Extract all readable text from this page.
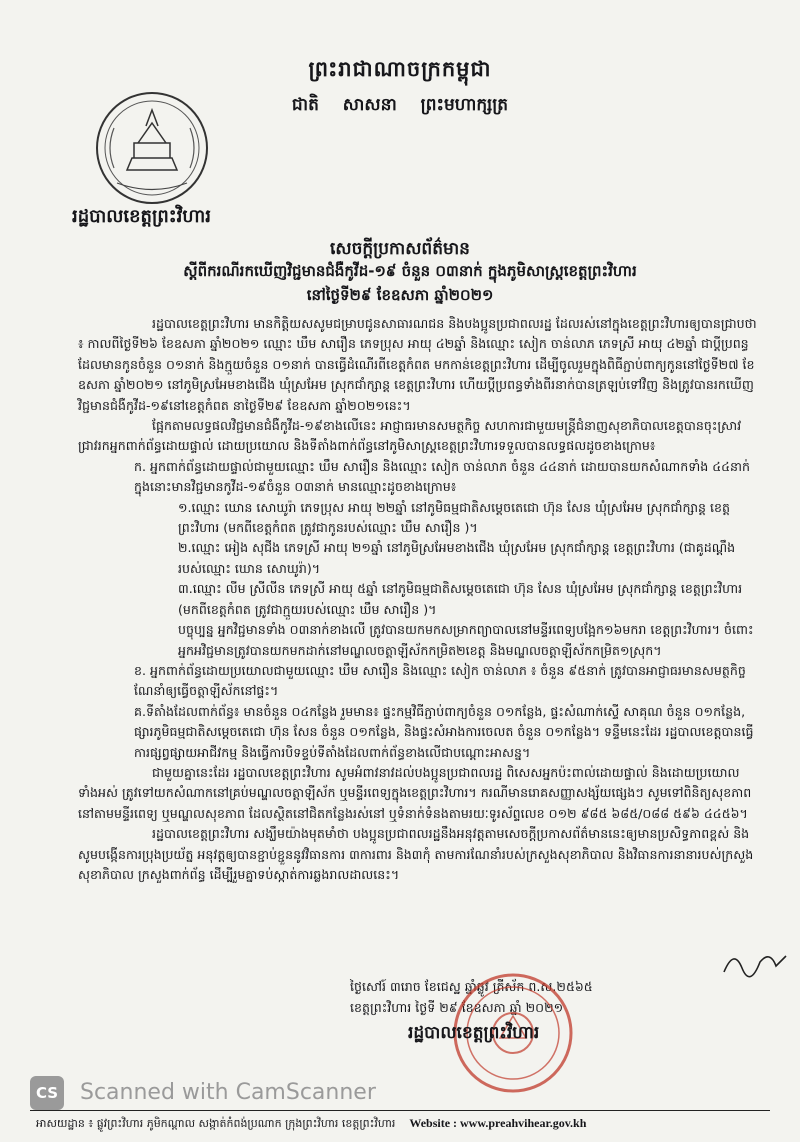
ព្រះរាជាណាចក្រកម្ពុជា
ជាតិ សាសនា ព្រះមហាក្សត្រ
រដ្ឋបាលខេត្តព្រះវិហារ
សេចក្តីប្រកាសព័ត៌មាន
ស្តីពីករណីរកឃើញវិជ្ជមានជំងឺកូវីដ-១៩ ចំនួន ០៣នាក់ ក្នុងភូមិសាស្ត្រខេត្តព្រះវិហារ
នៅថ្ងៃទី២៩ ខែឧសភា ឆ្នាំ២០២១

រដ្ឋបាលខេត្តព្រះវិហារ មានកិត្តិយសសូមជម្រាបជូនសាធារណជន និងបងប្អូនប្រជាពលរដ្ឋ ដែលរស់នៅក្នុងខេត្តព្រះវិហារឲ្យបានជ្រាបថា ៖ កាលពីថ្ងៃទី២៦ ខែឧសភា ឆ្នាំ២០២១ ឈ្មោះ ឃឹម សារឿន ភេទប្រុស អាយុ ៤២ឆ្នាំ និងឈ្មោះ សៀក ចាន់លាភ ភេទស្រី អាយុ ៤២ឆ្នាំ ជាប្តីប្រពន្ធ ដែលមានកូនចំនួន ០១នាក់ និងក្មួយចំនួន ០១នាក់ បានធ្វើដំណើរពីខេត្តកំពត មកកាន់ខេត្តព្រះវិហារ ដើម្បីចូលរួមក្នុងពិធីភ្ជាប់ពាក្យកូននៅថ្ងៃទី២៧ ខែឧសភា ឆ្នាំ២០២១ នៅភូមិស្រអែមខាងជើង ឃុំស្រអែម ស្រុកជាំក្សាន្ត ខេត្តព្រះវិហារ ហើយប្តីប្រពន្ធទាំងពីរនាក់បានត្រឡប់ទៅវិញ និងត្រូវបានរកឃើញវិជ្ជមានជំងឺកូវីដ-១៩នៅខេត្តកំពត នាថ្ងៃទី២៩ ខែឧសភា ឆ្នាំ២០២១នេះ។

ផ្អែកតាមលទ្ធផលវិជ្ជមានជំងឺកូវីដ-១៩ខាងលើនេះ អាជ្ញាធរមានសមត្ថកិច្ច សហការជាមួយមន្ត្រីជំនាញសុខាភិបាលខេត្តបានចុះស្រាវជ្រាវរកអ្នកពាក់ព័ន្ធដោយផ្ទាល់ ដោយប្រយោល និងទីតាំងពាក់ព័ន្ធនៅភូមិសាស្ត្រខេត្តព្រះវិហារទទួលបានលទ្ធផលដូចខាងក្រោម៖

ក. អ្នកពាក់ព័ន្ធដោយផ្ទាល់ជាមួយឈ្មោះ ឃឹម សារឿន និងឈ្មោះ សៀក ចាន់លាភ ចំនួន ៤៤នាក់ ដោយបានយកសំណាកទាំង ៤៤នាក់ ក្នុងនោះមានវិជ្ជមានកូវីដ-១៩ចំនួន ០៣នាក់ មានឈ្មោះដូចខាងក្រោម៖

១.ឈ្មោះ ឃោន សោឃូរ៉ា ភេទប្រុស អាយុ ២២ឆ្នាំ នៅភូមិធម្មជាតិសម្តេចតេជោ ហ៊ុន សែន ឃុំស្រអែម ស្រុកជាំក្សាន្ត ខេត្តព្រះវិហារ (មកពីខេត្តកំពត ត្រូវជាកូនរបស់ឈ្មោះ ឃឹម សារឿន )។

២.ឈ្មោះ អៀង សុជីង ភេទស្រី អាយុ ២១ឆ្នាំ នៅភូមិស្រអែមខាងជើង ឃុំស្រអែម ស្រុកជាំក្សាន្ត ខេត្តព្រះវិហារ (ជាគូដណ្តឹងរបស់ឈ្មោះ ឃោន សោឃូរ៉ា)។

៣.ឈ្មោះ លីម ស្រីលីន ភេទស្រី អាយុ ៥ឆ្នាំ នៅភូមិធម្មជាតិសម្តេចតេជោ ហ៊ុន សែន ឃុំស្រអែម ស្រុកជាំក្សាន្ត ខេត្តព្រះវិហារ (មកពីខេត្តកំពត ត្រូវជាក្មួយរបស់ឈ្មោះ ឃឹម សារឿន )។

បច្ចុប្បន្ន អ្នកវិជ្ជមានទាំង ០៣នាក់ខាងលើ ត្រូវបានយកមកសម្រាកព្យាបាលនៅមន្ទីរពេទ្យបង្អែក១៦មករា ខេត្តព្រះវិហារ។ ចំពោះអ្នកអវិជ្ជមានត្រូវបានយកមកដាក់នៅមណ្ឌលចត្តាឡីស័កកម្រិត២ខេត្ត និងមណ្ឌលចត្តាឡីស័កកម្រិត១ស្រុក។

ខ. អ្នកពាក់ព័ន្ធដោយប្រយោលជាមួយឈ្មោះ ឃឹម សារឿន និងឈ្មោះ សៀក ចាន់លាភ ៖ ចំនួន ៩៥នាក់ ត្រូវបានអាជ្ញាធរមានសមត្ថកិច្ចណែនាំឲ្យធ្វើចត្តាឡីស័កនៅផ្ទះ។

គ.ទីតាំងដែលពាក់ព័ន្ធ៖ មានចំនួន ០៤កន្លែង រួមមាន៖ ផ្ទះកម្មវិធីភ្ជាប់ពាក្យចំនួន ០១កន្លែង, ផ្ទះសំណាក់ស្ទើ សាគុណ ចំនួន ០១កន្លែង, ផ្សារភូមិធម្មជាតិសម្តេចតេជោ ហ៊ុន សែន ចំនួន ០១កន្លែង, និងផ្ទះសំអាងការចេលត ចំនួន ០១កន្លែង។ ទន្ទឹមនេះដែរ រដ្ឋបាលខេត្តបានធ្វើការផ្សព្វផ្សាយអាជីវកម្ម និងធ្វើការបិទខ្ទប់ទីតាំងដែលពាក់ព័ន្ធខាងលើជាបណ្តោះអាសន្ន។

ជាមួយគ្នានេះដែរ រដ្ឋបាលខេត្តព្រះវិហារ សូមអំពាវនាវដល់បងប្អូនប្រជាពលរដ្ឋ ពិសេសអ្នកប៉ះពាល់ដោយផ្ទាល់ និងដោយប្រយោលទាំងអស់ ត្រូវទៅយកសំណាកនៅគ្រប់មណ្ឌលចត្តាឡីស័ក ឬមន្ទីរពេទ្យក្នុងខេត្តព្រះវិហារ។ ករណីមានរោគសញ្ញាសង្ស័យផ្សេងៗ សូមទៅពិនិត្យសុខភាពនៅតាមមន្ទីរពេទ្យ ឬមណ្ឌលសុខភាព ដែលស្ថិតនៅជិតកន្លែងរស់នៅ ឬទំនាក់ទំនងតាមរយៈទូរស័ព្ទលេខ ០១២ ៩៨៥ ៦៨៥/០៨៨ ៥៩៦ ៤៤៥៦។

រដ្ឋបាលខេត្តព្រះវិហារ សង្ឃឹមយ៉ាងមុតមាំថា បងប្អូនប្រជាពលរដ្ឋនឹងអនុវត្តតាមសេចក្តីប្រកាសព័ត៌មាននេះឲ្យមានប្រសិទ្ធភាពខ្ពស់ និងសូមបង្កើនការប្រុងប្រយ័ត្ន អនុវត្តឲ្យបានខ្ជាប់ខ្ជួននូវវិធានការ ៣ការពារ និង៣កុំ តាមការណែនាំរបស់ក្រសួងសុខាភិបាល និងវិធានការនានារបស់ក្រសួងសុខាភិបាល ក្រសួងពាក់ព័ន្ធ ដើម្បីរួមគ្នាទប់ស្កាត់ការឆ្លងរាលដាលនេះ។

ថ្ងៃសៅរ៍ ៣រោច ខែជេស្ឋ ឆ្នាំឆ្លូវ ត្រីស័ក ព.ស.២៥៦៥
ខេត្តព្រះវិហារ ថ្ងៃទី ២៩ ខែឧសភា ឆ្នាំ ២០២១
រដ្ឋបាលខេត្តព្រះវិហារ
CS Scanned with CamScanner
អាសយដ្ឋាន ៖ ផ្លូវព្រះវិហារ ភូមិកណ្តាល សង្កាត់កំពង់ប្រណាក ក្រុងព្រះវិហារ ខេត្តព្រះវិហារ Website : www.preahvihear.gov.kh
